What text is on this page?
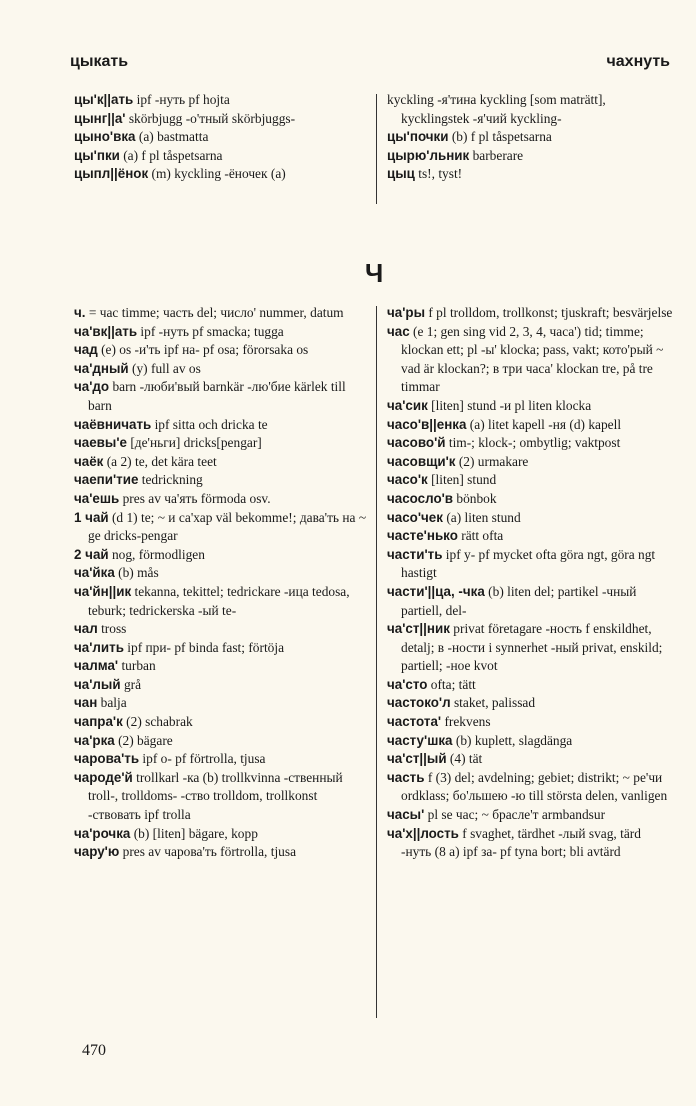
цыкать	чахнуть

цы'к||ать ipf -нуть pf hojta

цынг||а' skörbjugg -о'тный skörbjuggs-

цыно'вка (a) bastmatta

цы'пки (a) f pl tåspetsarna

цыпл||ёнок (m) kyckling -ёночек (a)

kyckling -я'тина kyckling [som maträtt], kycklingstek -я'чий kyckling-

цы'почки (b) f pl tåspetsarna

цырю'льник barberare

цыц ts!, tyst!

Ч

ч. = час timme; часть del; число' nummer, datum

ча'вк||ать ipf -нуть pf smacka; tugga

чад (e) os -и'ть ipf на- pf osa; förorsaka os

ча'дный (y) full av os

ча'до barn -люби'вый barnkär -лю'бие kärlek till barn

чаёвничать ipf sitta och dricka te

чаевы'е [де'ньги] dricks[pengar]

чаёк (a 2) te, det kära teet

чаепи'тие tedrickning

ча'ешь pres av ча'ять förmoda osv.

1 чай (d 1) te; ~ и са'хар väl bekomme!; дава'ть на ~ ge dricks-pengar

2 чай nog, förmodligen

ча'йка (b) mås

ча'йн||ик tekanna, tekittel; tedrickare -ица tedosa, teburk; tedrickerska -ый te-

чал tross

ча'лить ipf при- pf binda fast; förtöja

чалма' turban

ча'лый grå

чан balja

чапра'к (2) schabrak

ча'рка (2) bägare

чарова'ть ipf о- pf förtrolla, tjusa

чароде'й trollkarl -ка (b) trollkvinna -ственный troll-, trolldoms- -ство trolldom, trollkonst -ствовать ipf trolla

ча'рочка (b) [liten] bägare, kopp

чару'ю pres av чарова'ть förtrolla, tjusa

ча'ры f pl trolldom, trollkonst; tjuskraft; besvärjelse

час (e 1; gen sing vid 2, 3, 4, часа') tid; timme; klockan ett; pl -ы' klocka; pass, vakt; кото'рый ~ vad är klockan?; в три часа' klockan tre, på tre timmar

ча'сик [liten] stund -и pl liten klocka

часо'в||енка (a) litet kapell -ня (d) kapell

часово'й tim-; klock-; ombytlig; vaktpost

часовщи'к (2) urmakare

часо'к [liten] stund

часосло'в bönbok

часо'чек (a) liten stund

часте'нько rätt ofta

части'ть ipf у- pf mycket ofta göra ngt, göra ngt hastigt

части'||ца, -чка (b) liten del; partikel -чный partiell, del-

ча'ст||ник privat företagare -ность f enskildhet, detalj; в -ности i synnerhet -ный privat, enskild; partiell; -ное kvot

ча'сто ofta; tätt

частоко'л staket, palissad

частота' frekvens

часту'шка (b) kuplett, slagdänga

ча'ст||ый (4) tät

часть f (3) del; avdelning; gebiet; distrikt; ~ ре'чи ordklass; бо'льшею -ю till största delen, vanligen

часы' pl se час; ~ брасле'т armbandsur

ча'х||лость f svaghet, tärdhet -лый svag, tärd -нуть (8 a) ipf за- pf tyna bort; bli avtärd

470
